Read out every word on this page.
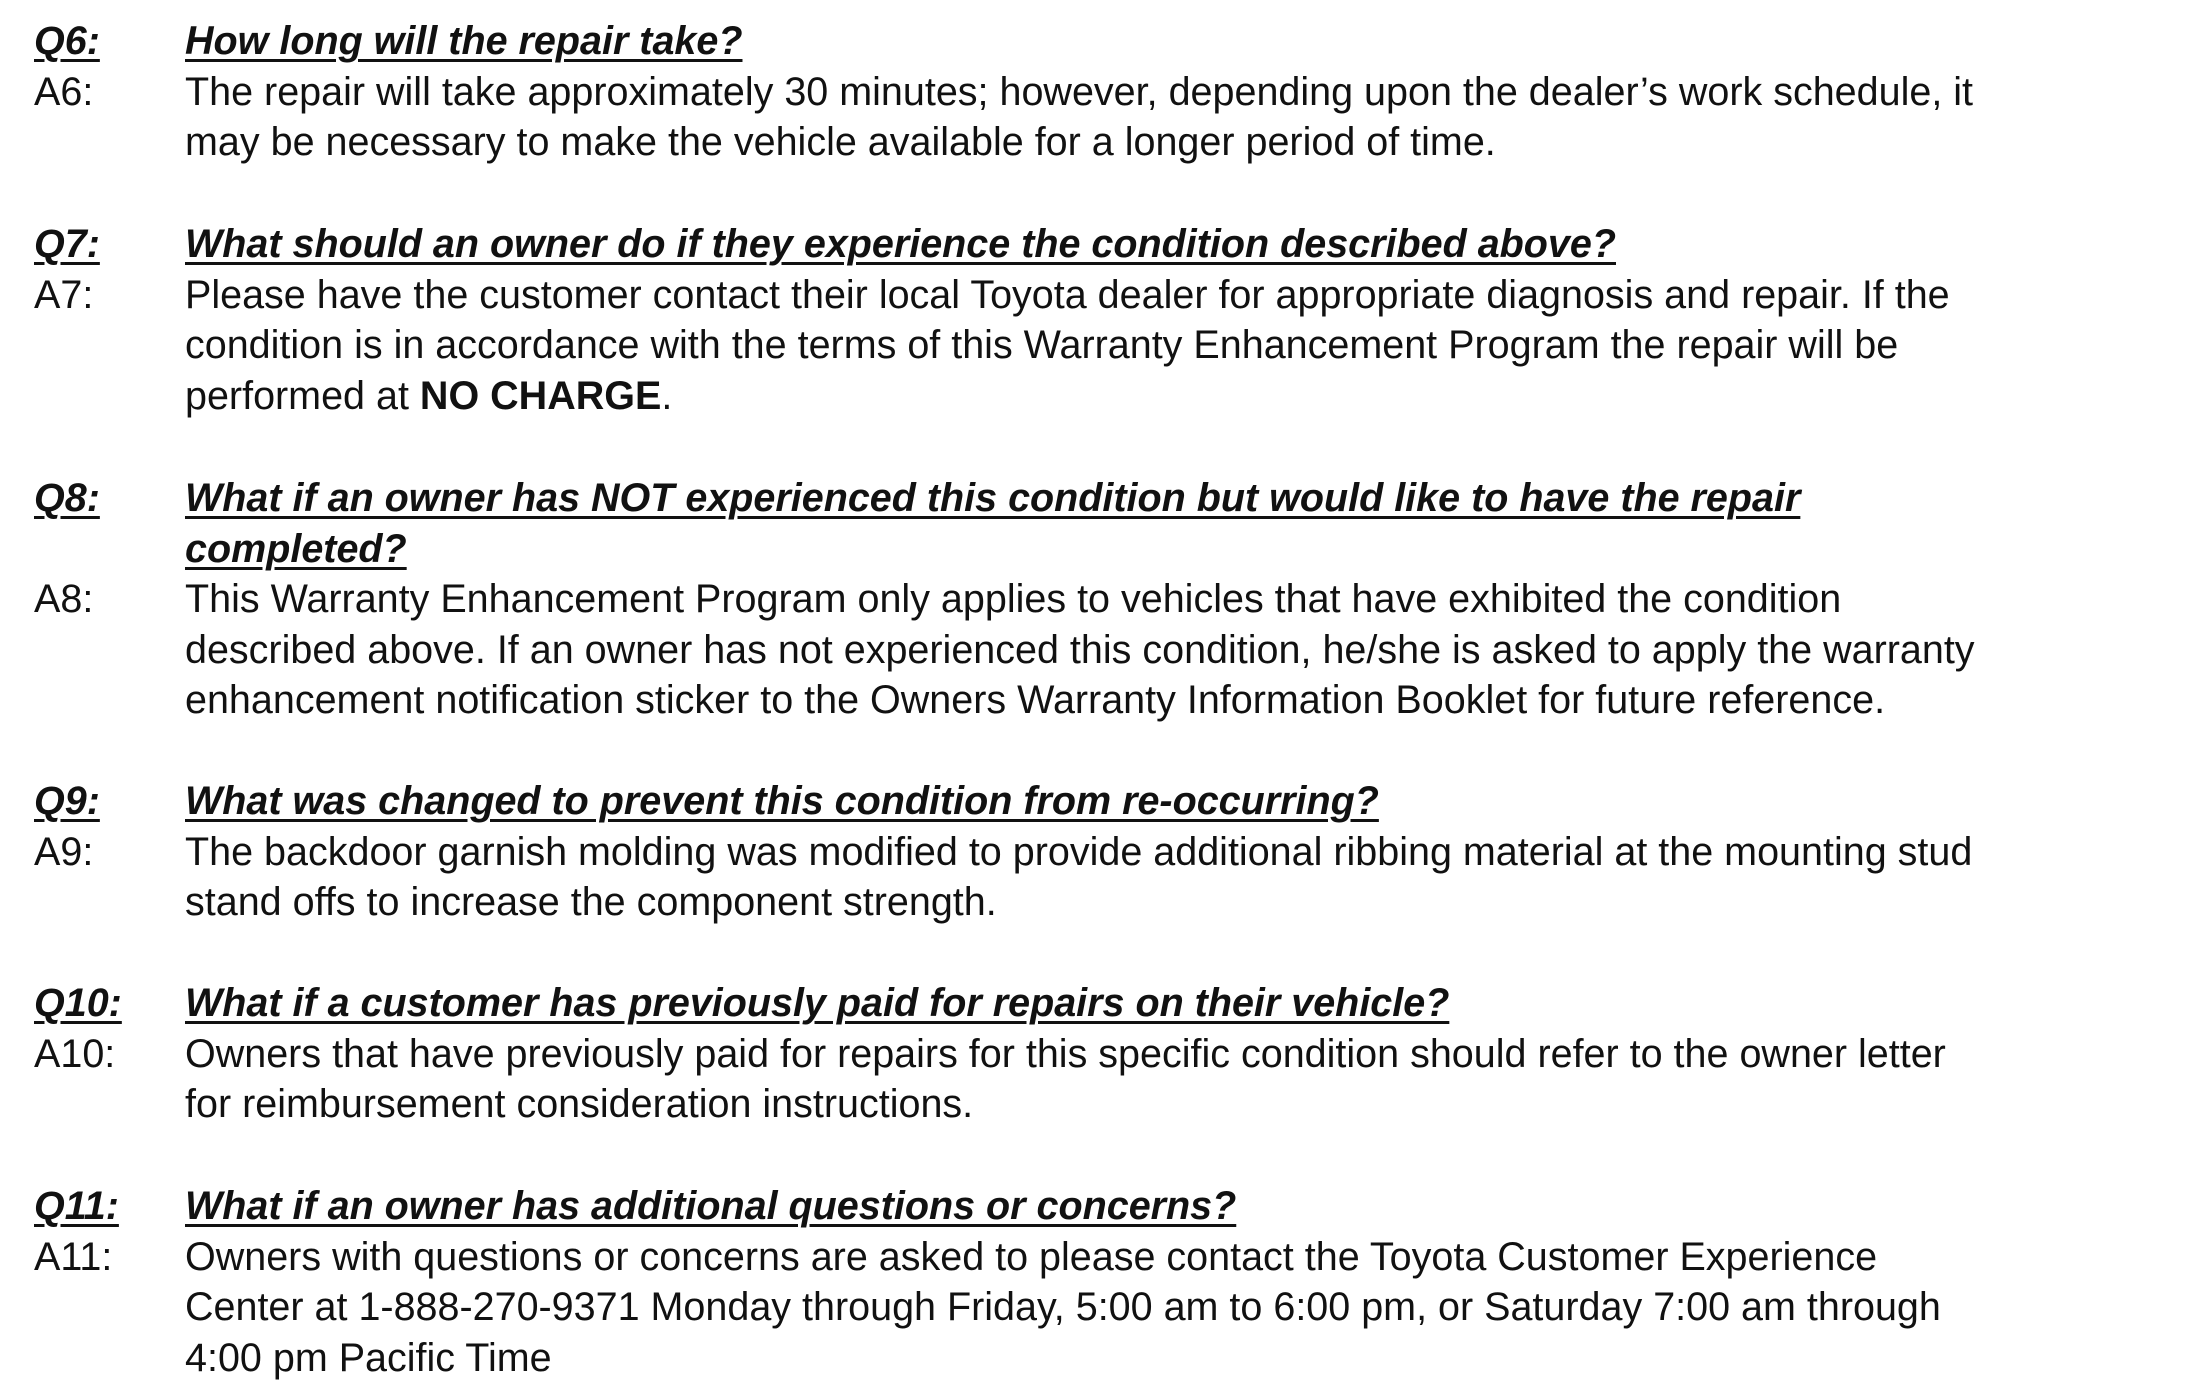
Q6:	How long will the repair take?
A6:	The repair will take approximately 30 minutes; however, depending upon the dealer’s work schedule, it
may be necessary to make the vehicle available for a longer period of time.
Q7:	What should an owner do if they experience the condition described above?
A7:	Please have the customer contact their local Toyota dealer for appropriate diagnosis and repair. If the
condition is in accordance with the terms of this Warranty Enhancement Program the repair will be
performed at NO CHARGE.
Q8:	What if an owner has NOT experienced this condition but would like to have the repair
completed?
A8:	This Warranty Enhancement Program only applies to vehicles that have exhibited the condition
described above. If an owner has not experienced this condition, he/she is asked to apply the warranty
enhancement notification sticker to the Owners Warranty Information Booklet for future reference.
Q9:	What was changed to prevent this condition from re-occurring?
A9:	The backdoor garnish molding was modified to provide additional ribbing material at the mounting stud
stand offs to increase the component strength.
Q10:	What if a customer has previously paid for repairs on their vehicle?
A10:	Owners that have previously paid for repairs for this specific condition should refer to the owner letter
for reimbursement consideration instructions.
Q11:	What if an owner has additional questions or concerns?
A11:	Owners with questions or concerns are asked to please contact the Toyota Customer Experience
Center at 1-888-270-9371 Monday through Friday, 5:00 am to 6:00 pm, or Saturday 7:00 am through
4:00 pm Pacific Time
